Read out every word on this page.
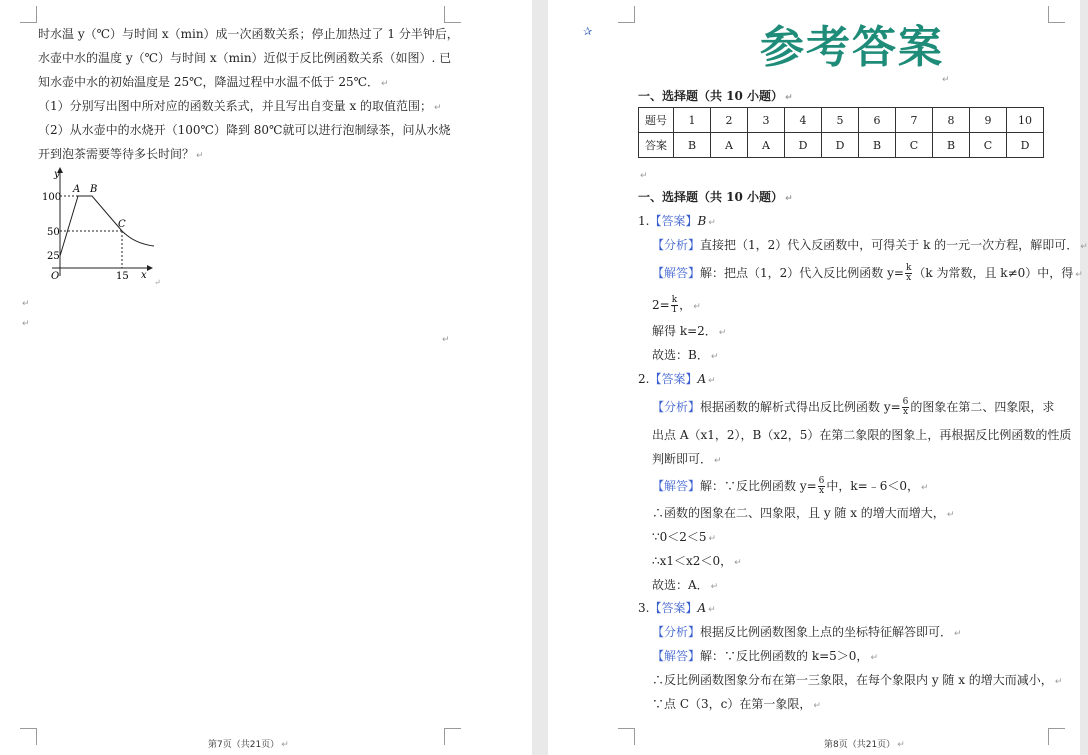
时水温 y（℃）与时间 x（min）成一次函数关系；停止加热过了 1 分半钟后，
水壶中水的温度 y（℃）与时间 x（min）近似于反比例函数关系（如图）. 已
知水壶中水的初始温度是 25℃，降温过程中水温不低于 25℃． ↵
（1）分别写出图中所对应的函数关系式，并且写出自变量 x 的取值范围； ↵
（2）从水壶中的水烧开（100℃）降到 80℃就可以进行泡制绿茶，问从水烧
开到泡茶需要等待多长时间？ ↵
y
x
O
100
50
25
15
A B
C
↵
↵
↵
↵
第7页（共21页） ↵
✰	参考答案
↵
一、选择题（共 10 小题） ↵
题号	1	2	3	4	5	6	7	8	9	10
答案	B	A	A	D	D	B	C	B	C	D
↵
一、选择题（共 10 小题） ↵
1.【答案】B ↵
【分析】直接把（1，2）代入反函数中，可得关于 k 的一元一次方程，解即可． ↵
【解答】解：把点（1，2）代入反比例函数 $y= \frac{k}{x} (k$ 为常数，且 k≠0）中，得 ↵
$2= \frac{k}{1}$ ， ↵
解得 k=2． ↵
故选：B． ↵
2.【答案】A ↵
【分析】根据函数的解析式得出反比例函数 $y= \frac{6}{x}$ 的图象在第二、四象限，求
出点 A（x1，2），B（x2，5）在第二象限的图象上，再根据反比例函数的性质
判断即可． ↵
【解答】解：∵反比例函数 $y= \frac{6}{x}$ 中，k=﹣6＜0， ↵
∴函数的图象在二、四象限，且 y 随 x 的增大而增大， ↵
∵0＜2＜5 ↵
∴x1＜x2＜0， ↵
故选：A． ↵
3.【答案】A ↵
【分析】根据反比例函数图象上点的坐标特征解答即可． ↵
【解答】解：∵反比例函数的 k=5＞0， ↵
∴反比例函数图象分布在第一三象限，在每个象限内 y 随 x 的增大而减小， ↵
∵点 C（3，c）在第一象限， ↵
第8页（共21页） ↵
